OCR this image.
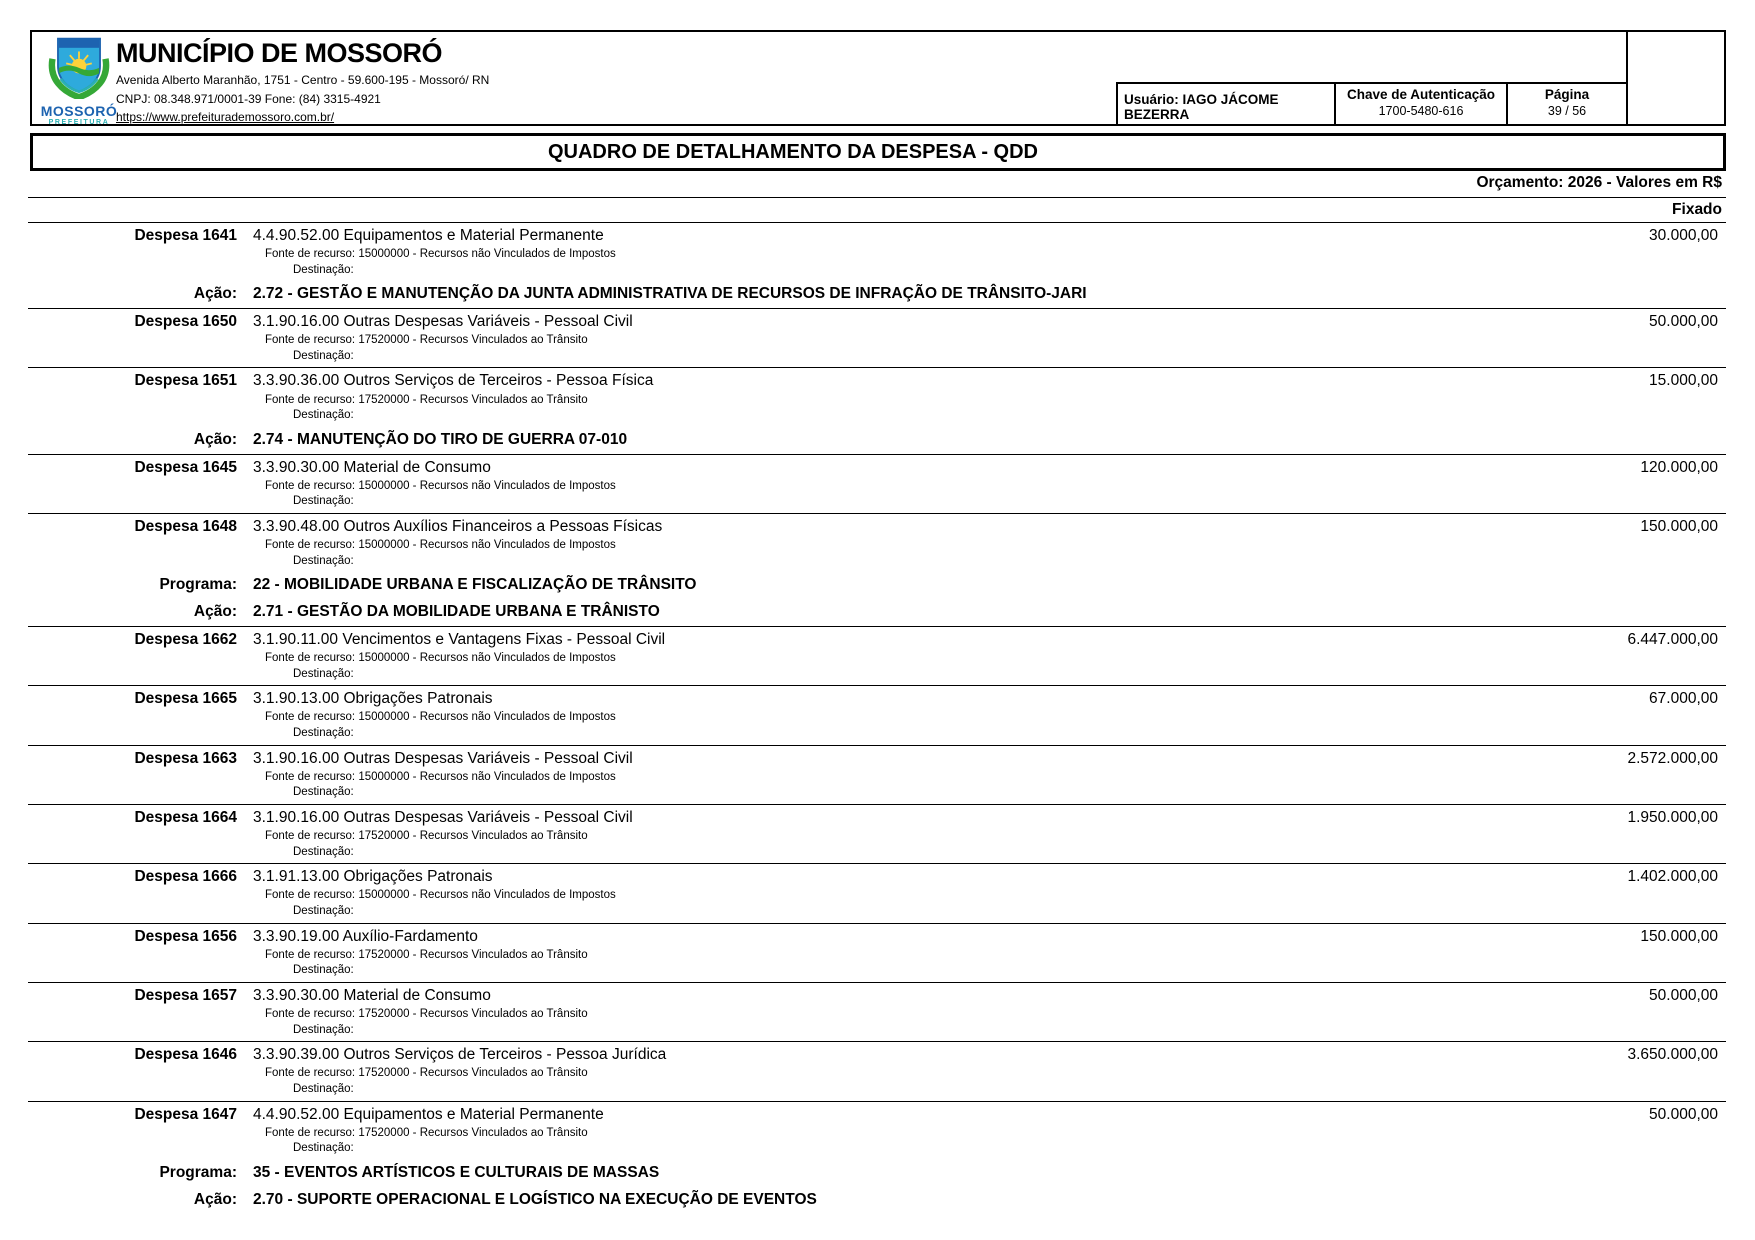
MOSSORÓ
PREFEITURA
MUNICÍPIO DE MOSSORÓ
Avenida Alberto Maranhão, 1751 - Centro - 59.600-195 - Mossoró/ RN
CNPJ: 08.348.971/0001-39 Fone: (84) 3315-4921
https://www.prefeiturademossoro.com.br/
Usuário: IAGO JÁCOME BEZERRA
Chave de Autenticação
1700-5480-616
Página
39 / 56
QUADRO DE DETALHAMENTO DA DESPESA - QDD
Orçamento: 2026 - Valores em R$
Fixado
Despesa 1641 4.4.90.52.00 Equipamentos e Material Permanente
Fonte de recurso: 15000000 - Recursos não Vinculados de Impostos
Destinação:
30.000,00
Ação: 2.72 - GESTÃO E MANUTENÇÃO DA JUNTA ADMINISTRATIVA DE RECURSOS DE INFRAÇÃO DE TRÂNSITO-JARI
Despesa 1650 3.1.90.16.00 Outras Despesas Variáveis - Pessoal Civil
Fonte de recurso: 17520000 - Recursos Vinculados ao Trânsito
Destinação:
50.000,00
Despesa 1651 3.3.90.36.00 Outros Serviços de Terceiros - Pessoa Física
Fonte de recurso: 17520000 - Recursos Vinculados ao Trânsito
Destinação:
15.000,00
Ação: 2.74 - MANUTENÇÃO DO TIRO DE GUERRA 07-010
Despesa 1645 3.3.90.30.00 Material de Consumo
Fonte de recurso: 15000000 - Recursos não Vinculados de Impostos
Destinação:
120.000,00
Despesa 1648 3.3.90.48.00 Outros Auxílios Financeiros a Pessoas Físicas
Fonte de recurso: 15000000 - Recursos não Vinculados de Impostos
Destinação:
150.000,00
Programa: 22 - MOBILIDADE URBANA E FISCALIZAÇÃO DE TRÂNSITO
Ação: 2.71 - GESTÃO DA MOBILIDADE URBANA E TRÂNISTO
Despesa 1662 3.1.90.11.00 Vencimentos e Vantagens Fixas - Pessoal Civil
Fonte de recurso: 15000000 - Recursos não Vinculados de Impostos
Destinação:
6.447.000,00
Despesa 1665 3.1.90.13.00 Obrigações Patronais
Fonte de recurso: 15000000 - Recursos não Vinculados de Impostos
Destinação:
67.000,00
Despesa 1663 3.1.90.16.00 Outras Despesas Variáveis - Pessoal Civil
Fonte de recurso: 15000000 - Recursos não Vinculados de Impostos
Destinação:
2.572.000,00
Despesa 1664 3.1.90.16.00 Outras Despesas Variáveis - Pessoal Civil
Fonte de recurso: 17520000 - Recursos Vinculados ao Trânsito
Destinação:
1.950.000,00
Despesa 1666 3.1.91.13.00 Obrigações Patronais
Fonte de recurso: 15000000 - Recursos não Vinculados de Impostos
Destinação:
1.402.000,00
Despesa 1656 3.3.90.19.00 Auxílio-Fardamento
Fonte de recurso: 17520000 - Recursos Vinculados ao Trânsito
Destinação:
150.000,00
Despesa 1657 3.3.90.30.00 Material de Consumo
Fonte de recurso: 17520000 - Recursos Vinculados ao Trânsito
Destinação:
50.000,00
Despesa 1646 3.3.90.39.00 Outros Serviços de Terceiros - Pessoa Jurídica
Fonte de recurso: 17520000 - Recursos Vinculados ao Trânsito
Destinação:
3.650.000,00
Despesa 1647 4.4.90.52.00 Equipamentos e Material Permanente
Fonte de recurso: 17520000 - Recursos Vinculados ao Trânsito
Destinação:
50.000,00
Programa: 35 - EVENTOS ARTÍSTICOS E CULTURAIS DE MASSAS
Ação: 2.70 - SUPORTE OPERACIONAL E LOGÍSTICO NA EXECUÇÃO DE EVENTOS
